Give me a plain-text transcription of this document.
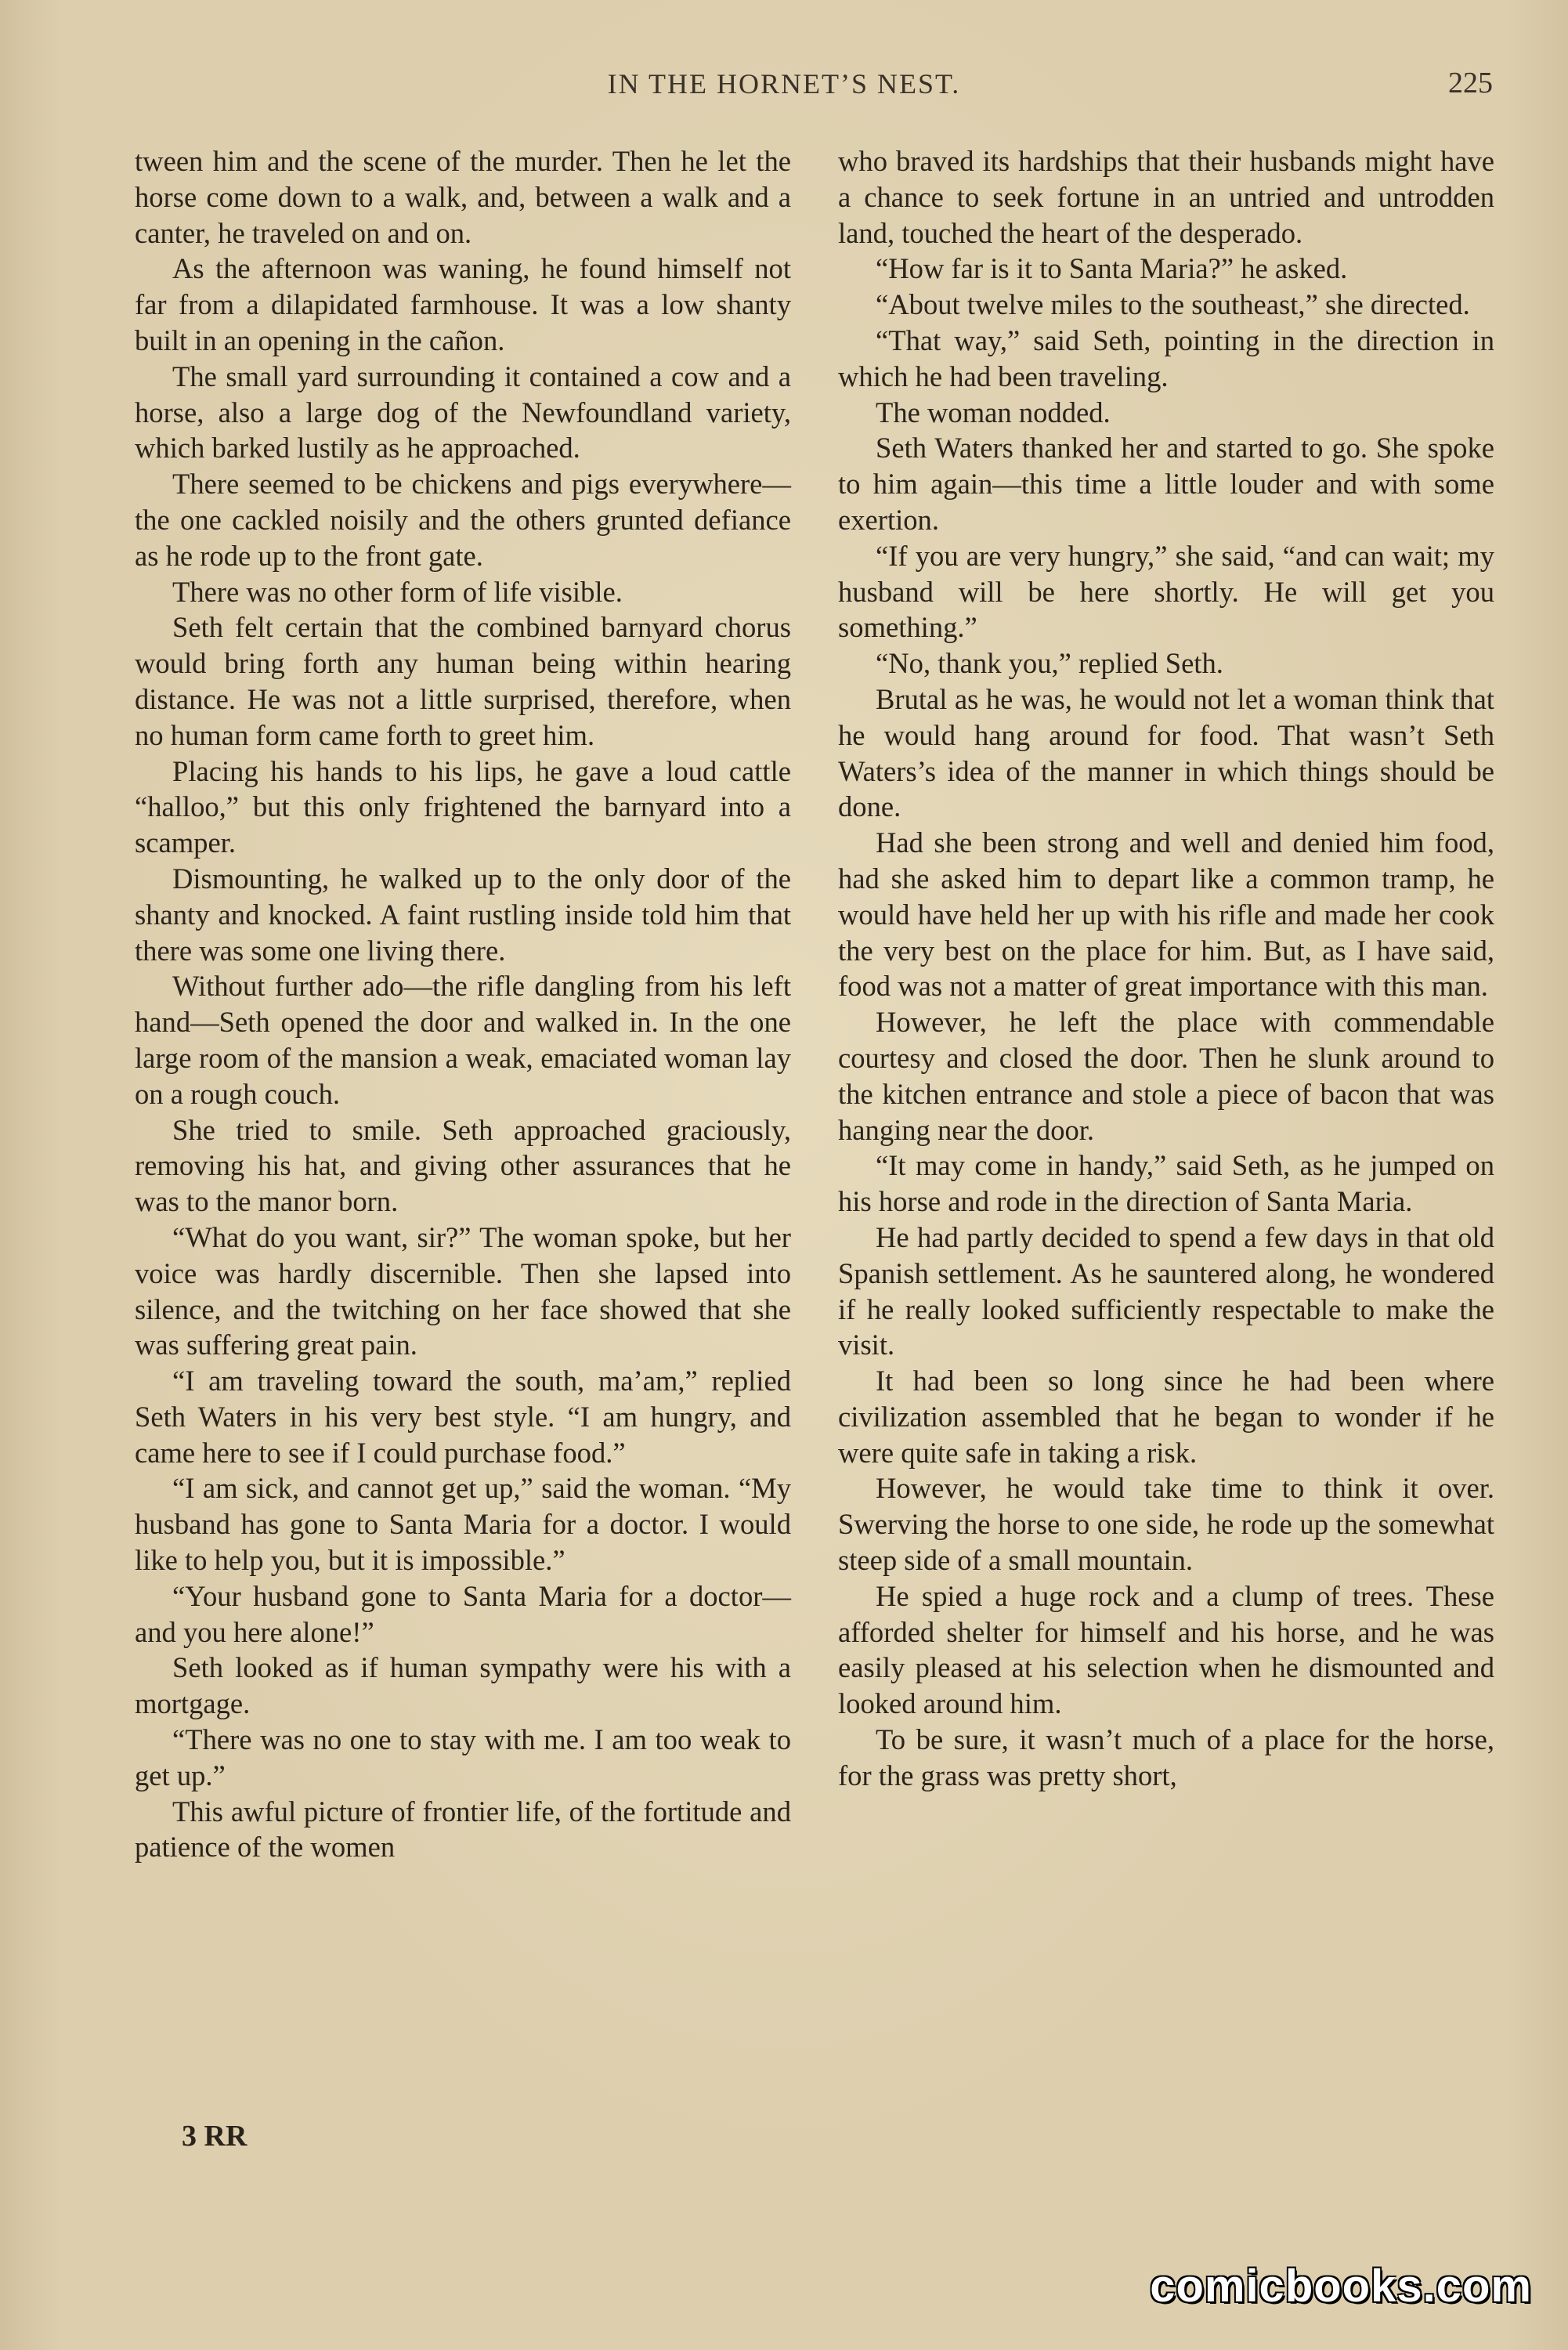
IN THE HORNET’S NEST.	225

tween him and the scene of the murder. Then he let the horse come down to a walk, and, between a walk and a canter, he traveled on and on.

As the afternoon was waning, he found himself not far from a dilapidated farmhouse. It was a low shanty built in an opening in the cañon.

The small yard surrounding it contained a cow and a horse, also a large dog of the Newfoundland variety, which barked lustily as he approached.

There seemed to be chickens and pigs everywhere—the one cackled noisily and the others grunted defiance as he rode up to the front gate.

There was no other form of life visible.

Seth felt certain that the combined barnyard chorus would bring forth any human being within hearing distance. He was not a little surprised, therefore, when no human form came forth to greet him.

Placing his hands to his lips, he gave a loud cattle “halloo,” but this only frightened the barnyard into a scamper.

Dismounting, he walked up to the only door of the shanty and knocked. A faint rustling inside told him that there was some one living there.

Without further ado—the rifle dangling from his left hand—Seth opened the door and walked in. In the one large room of the mansion a weak, emaciated woman lay on a rough couch.

She tried to smile. Seth approached graciously, removing his hat, and giving other assurances that he was to the manor born.

“What do you want, sir?” The woman spoke, but her voice was hardly discernible. Then she lapsed into silence, and the twitching on her face showed that she was suffering great pain.

“I am traveling toward the south, ma’am,” replied Seth Waters in his very best style. “I am hungry, and came here to see if I could purchase food.”

“I am sick, and cannot get up,” said the woman. “My husband has gone to Santa Maria for a doctor. I would like to help you, but it is impossible.”

“Your husband gone to Santa Maria for a doctor—and you here alone!”

Seth looked as if human sympathy were his with a mortgage.

“There was no one to stay with me. I am too weak to get up.”

This awful picture of frontier life, of the fortitude and patience of the women

who braved its hardships that their husbands might have a chance to seek fortune in an untried and untrodden land, touched the heart of the desperado.

“How far is it to Santa Maria?” he asked.

“About twelve miles to the southeast,” she directed.

“That way,” said Seth, pointing in the direction in which he had been traveling.

The woman nodded.

Seth Waters thanked her and started to go. She spoke to him again—this time a little louder and with some exertion.

“If you are very hungry,” she said, “and can wait; my husband will be here shortly. He will get you something.”

“No, thank you,” replied Seth.

Brutal as he was, he would not let a woman think that he would hang around for food. That wasn’t Seth Waters’s idea of the manner in which things should be done.

Had she been strong and well and denied him food, had she asked him to depart like a common tramp, he would have held her up with his rifle and made her cook the very best on the place for him. But, as I have said, food was not a matter of great importance with this man.

However, he left the place with commendable courtesy and closed the door. Then he slunk around to the kitchen entrance and stole a piece of bacon that was hanging near the door.

“It may come in handy,” said Seth, as he jumped on his horse and rode in the direction of Santa Maria.

He had partly decided to spend a few days in that old Spanish settlement. As he sauntered along, he wondered if he really looked sufficiently respectable to make the visit.

It had been so long since he had been where civilization assembled that he began to wonder if he were quite safe in taking a risk.

However, he would take time to think it over. Swerving the horse to one side, he rode up the somewhat steep side of a small mountain.

He spied a huge rock and a clump of trees. These afforded shelter for himself and his horse, and he was easily pleased at his selection when he dismounted and looked around him.

To be sure, it wasn’t much of a place for the horse, for the grass was pretty short,

3 RR
comicbooks.com
